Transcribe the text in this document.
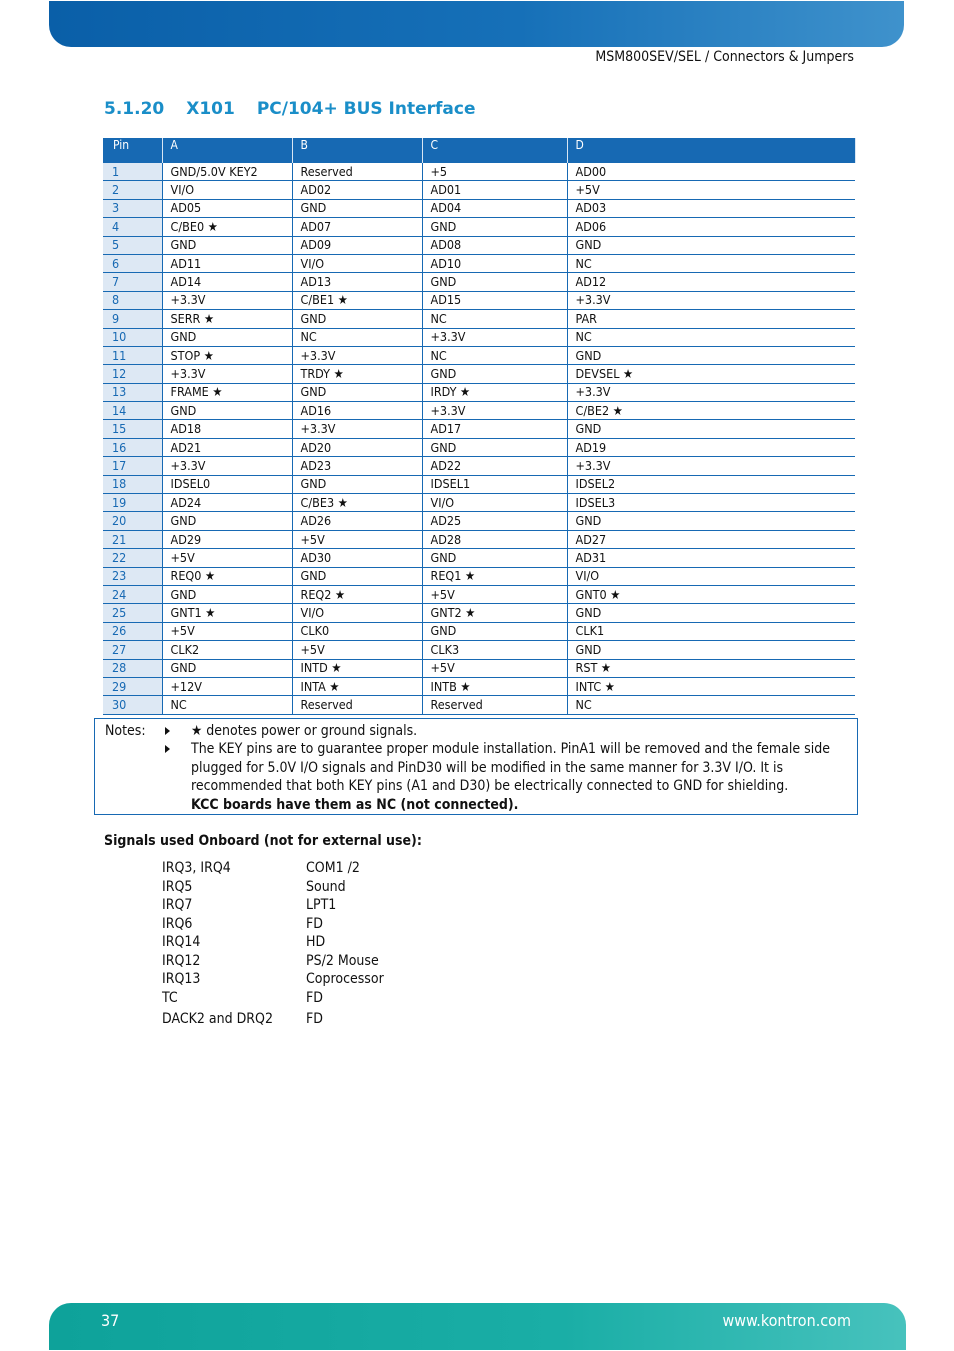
MSM800SEV/SEL / Connectors & Jumpers
5.1.20 X101 PC/104+ BUS Interface
Pin	A	B	C	D
1	GND/5.0V KEY2	Reserved	+5	AD00
2	VI/O	AD02	AD01	+5V
3	AD05	GND	AD04	AD03
4	C/BE0 ★	AD07	GND	AD06
5	GND	AD09	AD08	GND
6	AD11	VI/O	AD10	NC
7	AD14	AD13	GND	AD12
8	+3.3V	C/BE1 ★	AD15	+3.3V
9	SERR ★	GND	NC	PAR
10	GND	NC	+3.3V	NC
11	STOP ★	+3.3V	NC	GND
12	+3.3V	TRDY ★	GND	DEVSEL ★
13	FRAME ★	GND	IRDY ★	+3.3V
14	GND	AD16	+3.3V	C/BE2 ★
15	AD18	+3.3V	AD17	GND
16	AD21	AD20	GND	AD19
17	+3.3V	AD23	AD22	+3.3V
18	IDSEL0	GND	IDSEL1	IDSEL2
19	AD24	C/BE3 ★	VI/O	IDSEL3
20	GND	AD26	AD25	GND
21	AD29	+5V	AD28	AD27
22	+5V	AD30	GND	AD31
23	REQ0 ★	GND	REQ1 ★	VI/O
24	GND	REQ2 ★	+5V	GNT0 ★
25	GNT1 ★	VI/O	GNT2 ★	GND
26	+5V	CLK0	GND	CLK1
27	CLK2	+5V	CLK3	GND
28	GND	INTD ★	+5V	RST ★
29	+12V	INTA ★	INTB ★	INTC ★
30	NC	Reserved	Reserved	NC
Notes:	★ denotes power or ground signals.
The KEY pins are to guarantee proper module installation. PinA1 will be removed and the female side
plugged for 5.0V I/O signals and PinD30 will be modified in the same manner for 3.3V I/O. It is
recommended that both KEY pins (A1 and D30) be electrically connected to GND for shielding.
KCC boards have them as NC (not connected).
Signals used Onboard (not for external use):
IRQ3, IRQ4	COM1 /2
IRQ5	Sound
IRQ7	LPT1
IRQ6	FD
IRQ14	HD
IRQ12	PS/2 Mouse
IRQ13	Coprocessor
TC	FD
DACK2 and DRQ2	FD
37	www.kontron.com
